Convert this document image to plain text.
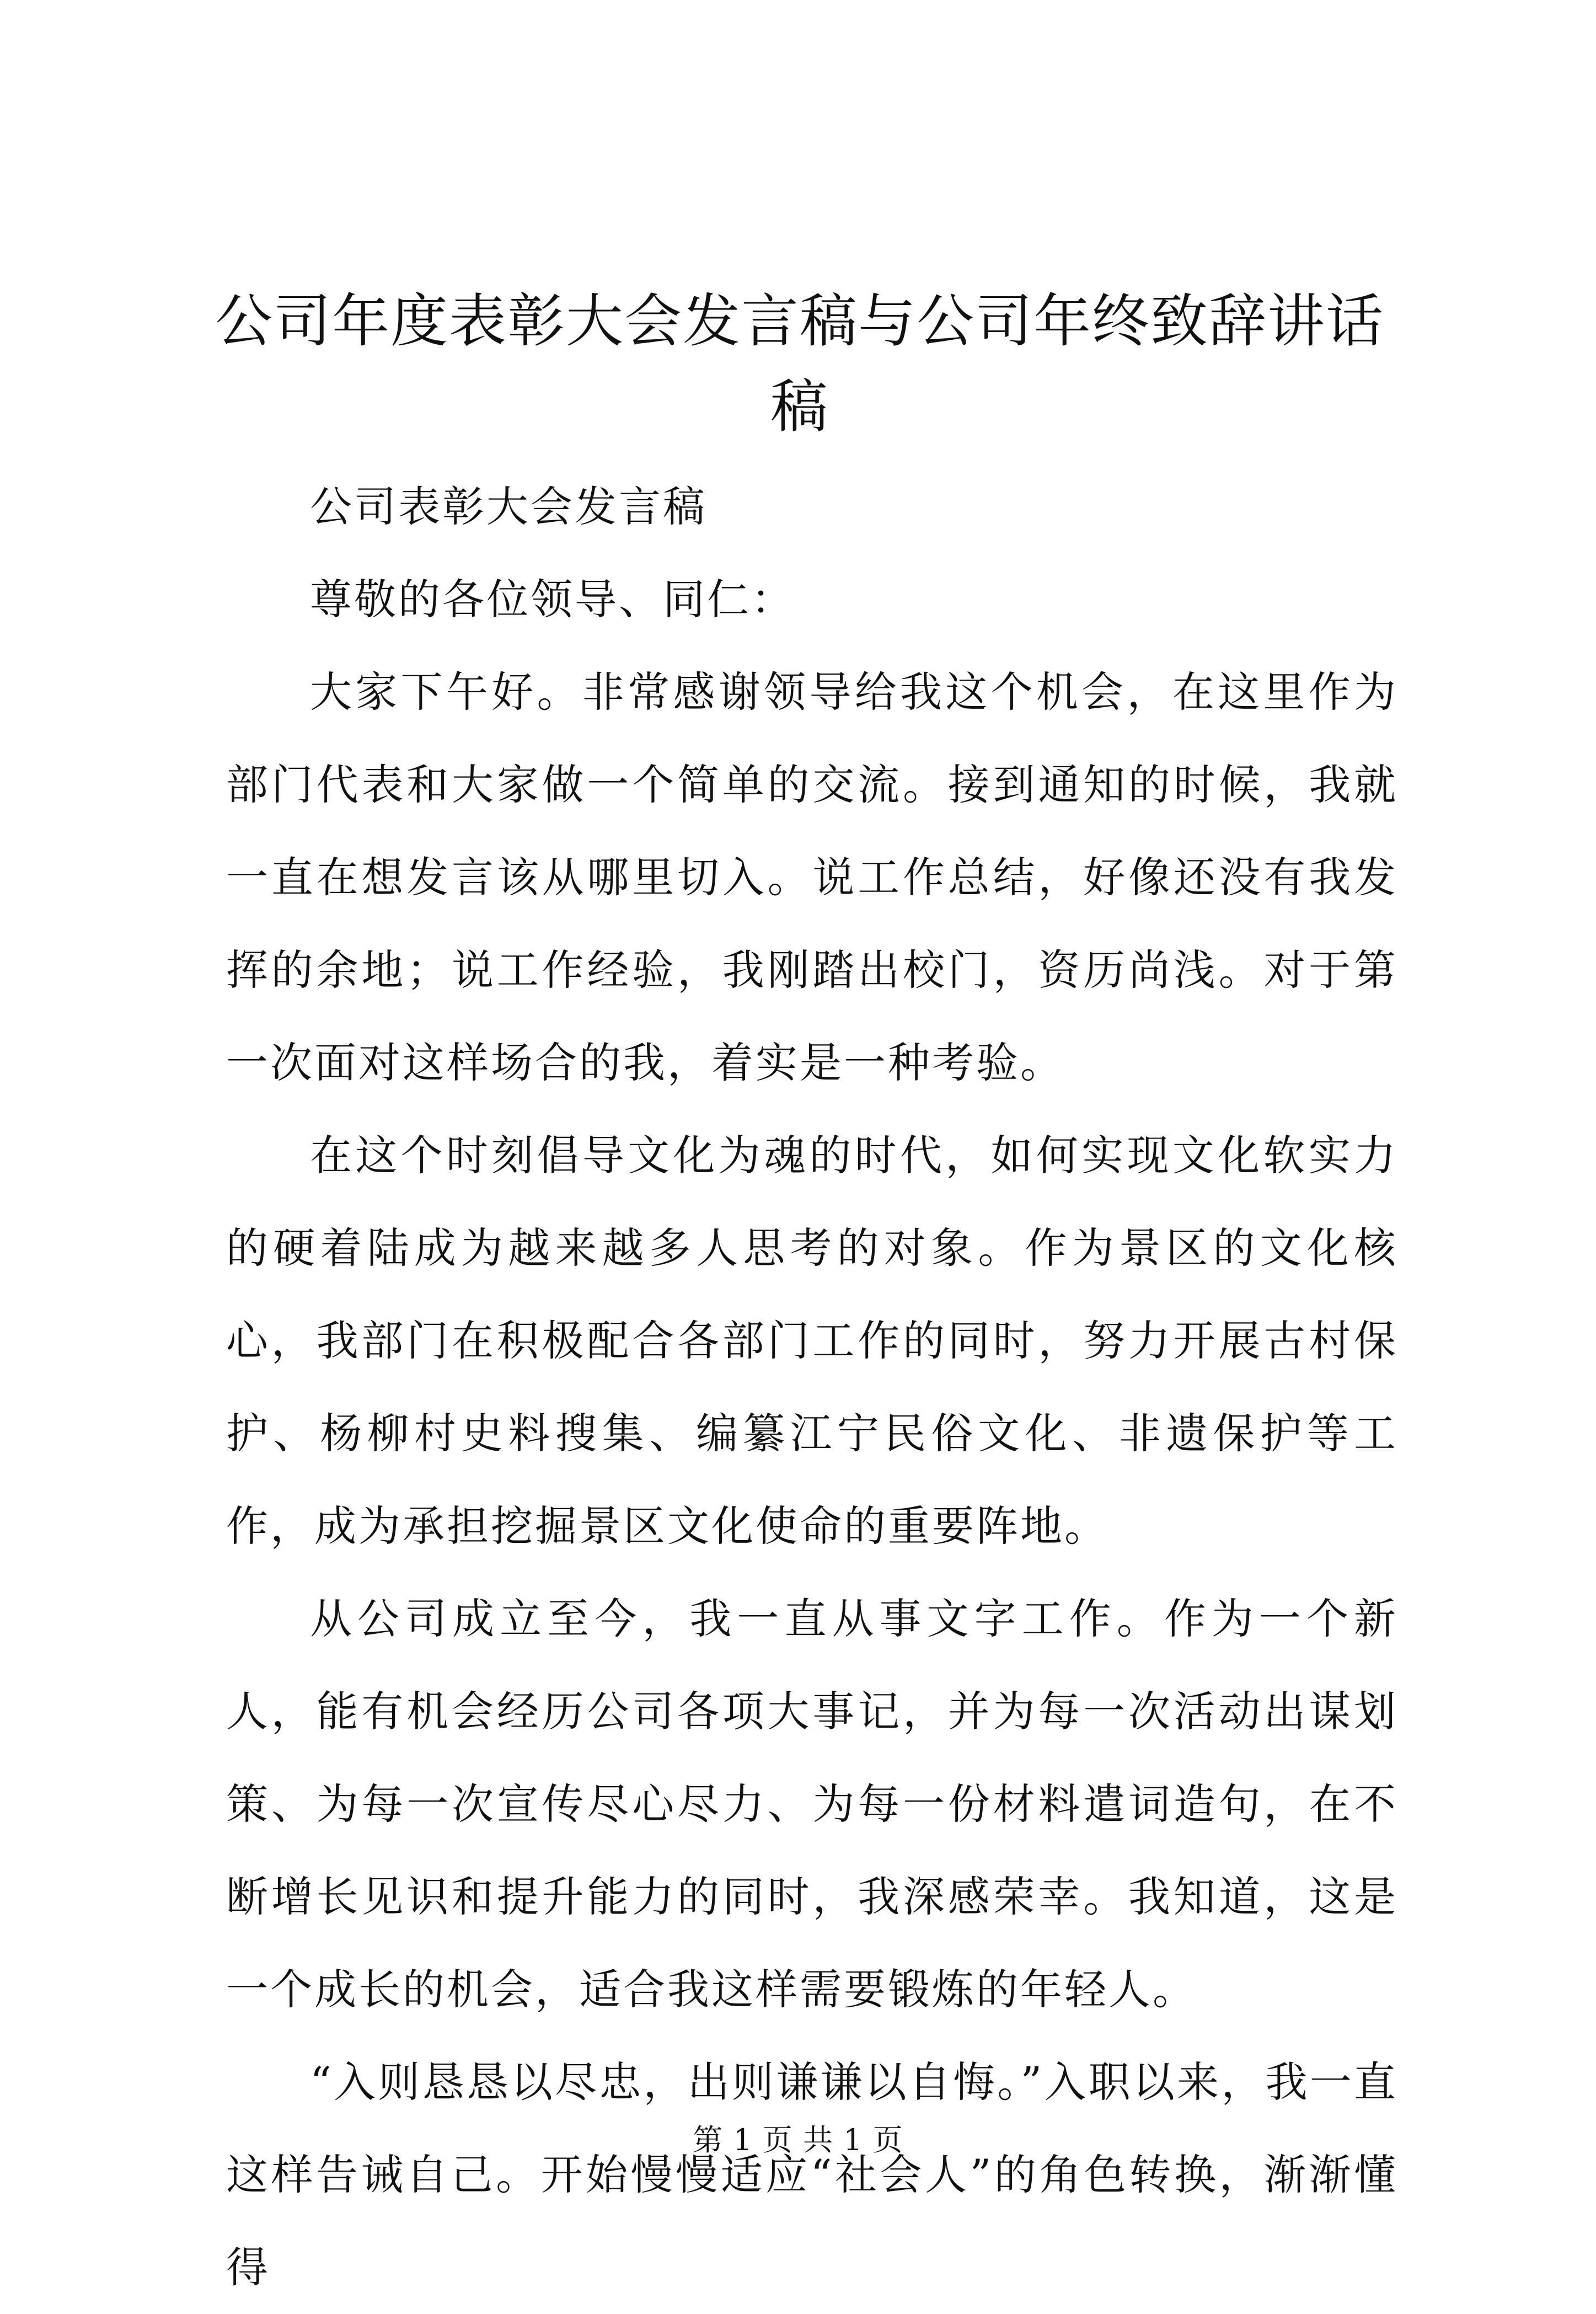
公司年度表彰大会发言稿与公司年终致辞讲话稿

公司表彰大会发言稿

尊敬的各位领导、同仁：

大家下午好。非常感谢领导给我这个机会，在这里作为部门代表和大家做一个简单的交流。接到通知的时候，我就一直在想发言该从哪里切入。说工作总结，好像还没有我发挥的余地；说工作经验，我刚踏出校门，资历尚浅。对于第一次面对这样场合的我，着实是一种考验。

在这个时刻倡导文化为魂的时代，如何实现文化软实力的硬着陆成为越来越多人思考的对象。作为景区的文化核心，我部门在积极配合各部门工作的同时，努力开展古村保护、杨柳村史料搜集、编纂江宁民俗文化、非遗保护等工作，成为承担挖掘景区文化使命的重要阵地。

从公司成立至今，我一直从事文字工作。作为一个新人，能有机会经历公司各项大事记，并为每一次活动出谋划策、为每一次宣传尽心尽力、为每一份材料遣词造句，在不断增长见识和提升能力的同时，我深感荣幸。我知道，这是一个成长的机会，适合我这样需要锻炼的年轻人。

“入则恳恳以尽忠，出则谦谦以自悔。”入职以来，我一直这样告诫自己。开始慢慢适应“社会人”的角色转换，渐渐懂得

第 1 页 共 1 页
